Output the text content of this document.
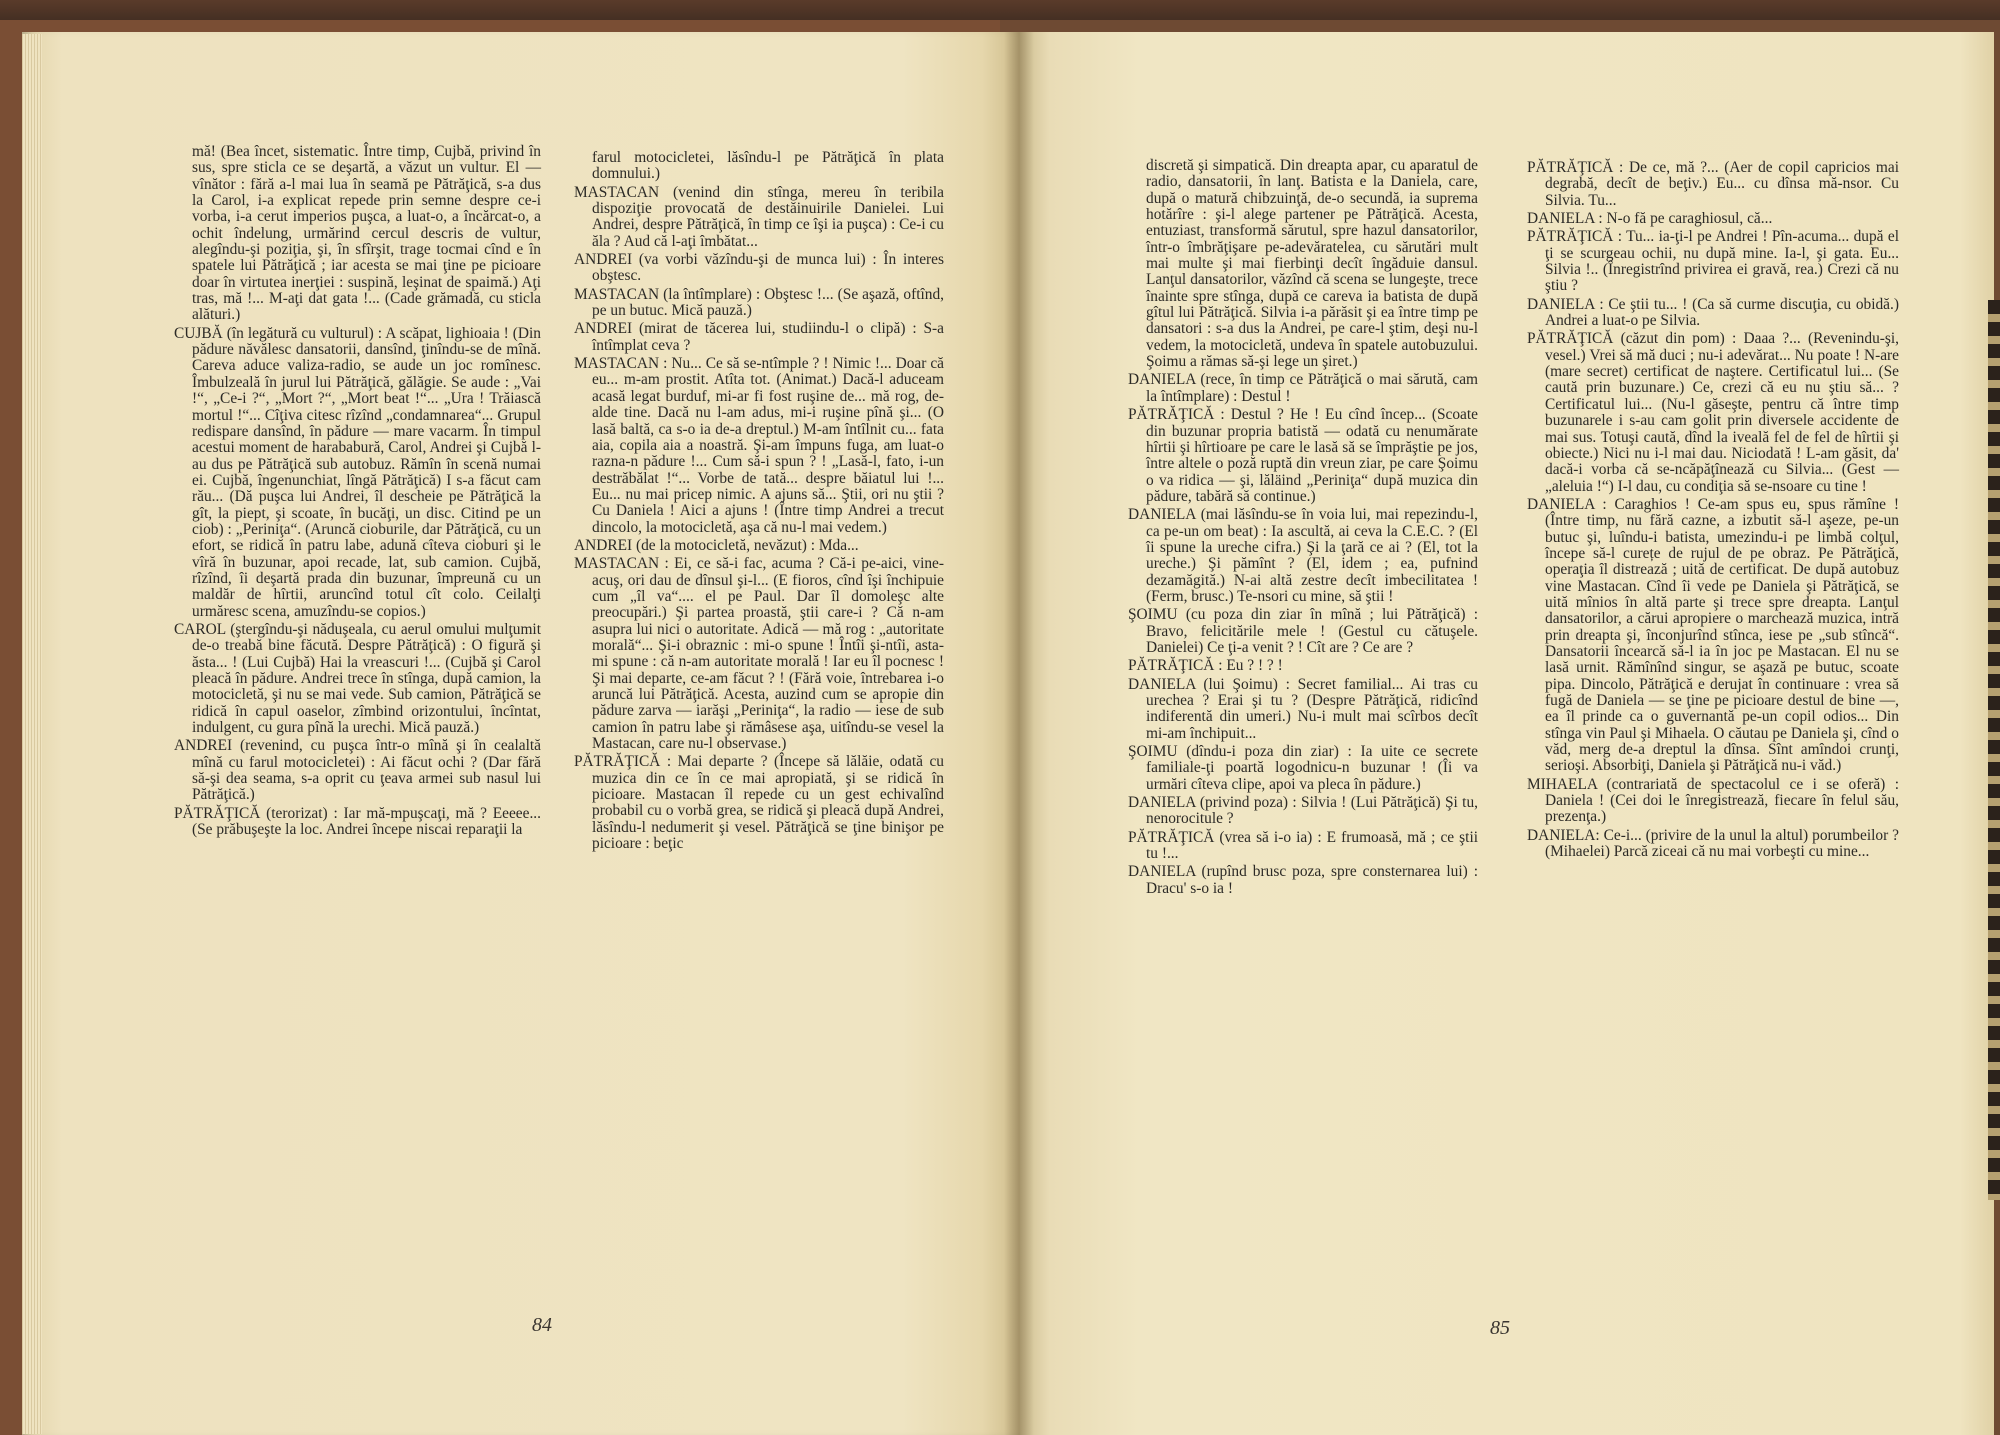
mă! (Bea încet, sistematic. Între timp, Cujbă, privind în sus, spre sticla ce se deşartă, a văzut un vultur. El — vînător : fără a-l mai lua în seamă pe Pătrăţică, s-a dus la Carol, i-a explicat repede prin semne despre ce-i vorba, i-a cerut imperios puşca, a luat-o, a încărcat-o, a ochit îndelung, urmărind cercul descris de vultur, alegîndu-şi poziţia, şi, în sfîrşit, trage tocmai cînd e în spatele lui Pătrăţică ; iar acesta se mai ţine pe picioare doar în virtutea inerţiei : suspină, leşinat de spaimă.) Aţi tras, mă !... M-aţi dat gata !... (Cade grămadă, cu sticla alături.)

CUJBĂ (în legătură cu vulturul) : A scăpat, lighioaia ! (Din pădure năvălesc dansatorii, dansînd, ţinîndu-se de mînă. Careva aduce valiza-radio, se aude un joc romînesc. Îmbulzeală în jurul lui Pătrăţică, gălăgie. Se aude : „Vai !“, „Ce-i ?“, „Mort ?“, „Mort beat !“... „Ura ! Trăiască mortul !“... Cîţiva citesc rîzînd „condamnarea“... Grupul redispare dansînd, în pădure — mare vacarm. În timpul acestui moment de harababură, Carol, Andrei şi Cujbă l-au dus pe Pătrăţică sub autobuz. Rămîn în scenă numai ei. Cujbă, îngenunchiat, lîngă Pătrăţică) I s-a făcut cam rău... (Dă puşca lui Andrei, îl descheie pe Pătrăţică la gît, la piept, şi scoate, în bucăţi, un disc. Citind pe un ciob) : „Periniţa“. (Aruncă cioburile, dar Pătrăţică, cu un efort, se ridică în patru labe, adună cîteva cioburi şi le vîră în buzunar, apoi recade, lat, sub camion. Cujbă, rîzînd, îi deşartă prada din buzunar, împreună cu un maldăr de hîrtii, aruncînd totul cît colo. Ceilalţi urmăresc scena, amuzîndu-se copios.)

CAROL (ştergîndu-şi năduşeala, cu aerul omului mulţumit de-o treabă bine făcută. Despre Pătrăţică) : O figură şi ăsta... ! (Lui Cujbă) Hai la vreascuri !... (Cujbă şi Carol pleacă în pădure. Andrei trece în stînga, după camion, la motocicletă, şi nu se mai vede. Sub camion, Pătrăţică se ridică în capul oaselor, zîmbind orizontului, încîntat, indulgent, cu gura pînă la urechi. Mică pauză.)

ANDREI (revenind, cu puşca într-o mînă şi în cealaltă mînă cu farul motocicletei) : Ai făcut ochi ? (Dar fără să-şi dea seama, s-a oprit cu ţeava armei sub nasul lui Pătrăţică.)

PĂTRĂŢICĂ (terorizat) : Iar mă-mpuşcaţi, mă ? Eeeee... (Se prăbuşeşte la loc. Andrei începe niscai reparaţii la

farul motocicletei, lăsîndu-l pe Pătrăţică în plata domnului.)

MASTACAN (venind din stînga, mereu în teribila dispoziţie provocată de destăinuirile Danielei. Lui Andrei, despre Pătrăţică, în timp ce îşi ia puşca) : Ce-i cu ăla ? Aud că l-aţi îmbătat...

ANDREI (va vorbi văzîndu-şi de munca lui) : În interes obştesc.

MASTACAN (la întîmplare) : Obştesc !... (Se aşază, oftînd, pe un butuc. Mică pauză.)

ANDREI (mirat de tăcerea lui, studiindu-l o clipă) : S-a întîmplat ceva ?

MASTACAN : Nu... Ce să se-ntîmple ? ! Nimic !... Doar că eu... m-am prostit. Atîta tot. (Animat.) Dacă-l aduceam acasă legat burduf, mi-ar fi fost ruşine de... mă rog, de-alde tine. Dacă nu l-am adus, mi-i ruşine pînă şi... (O lasă baltă, ca s-o ia de-a dreptul.) M-am întîlnit cu... fata aia, copila aia a noastră. Şi-am împuns fuga, am luat-o razna-n pădure !... Cum să-i spun ? ! „Lasă-l, fato, i-un destrăbălat !“... Vorbe de tată... despre băiatul lui !... Eu... nu mai pricep nimic. A ajuns să... Ştii, ori nu ştii ? Cu Daniela ! Aici a ajuns ! (Între timp Andrei a trecut dincolo, la motocicletă, aşa că nu-l mai vedem.)

ANDREI (de la motocicletă, nevăzut) : Mda...

MASTACAN : Ei, ce să-i fac, acuma ? Că-i pe-aici, vine-acuş, ori dau de dînsul şi-l... (E fioros, cînd îşi închipuie cum „îl va“.... el pe Paul. Dar îl domoleşc alte preocupări.) Şi partea proastă, ştii care-i ? Că n-am asupra lui nici o autoritate. Adică — mă rog : „autoritate morală“... Şi-i obraznic : mi-o spune ! Întîi şi-ntîi, asta-mi spune : că n-am autoritate morală ! Iar eu îl pocnesc ! Şi mai departe, ce-am făcut ? ! (Fără voie, întrebarea i-o aruncă lui Pătrăţică. Acesta, auzind cum se apropie din pădure zarva — iarăşi „Periniţa“, la radio — iese de sub camion în patru labe şi rămâsese aşa, uitîndu-se vesel la Mastacan, care nu-l observase.)

PĂTRĂŢICĂ : Mai departe ? (Începe să lălăie, odată cu muzica din ce în ce mai apropiată, şi se ridică în picioare. Mastacan îl repede cu un gest echivalînd probabil cu o vorbă grea, se ridică şi pleacă după Andrei, lăsîndu-l nedumerit şi vesel. Pătrăţică se ţine binişor pe picioare : beţic

84

discretă şi simpatică. Din dreapta apar, cu aparatul de radio, dansatorii, în lanţ. Batista e la Daniela, care, după o matură chibzuinţă, de-o secundă, ia suprema hotărîre : şi-l alege partener pe Pătrăţică. Acesta, entuziast, transformă sărutul, spre hazul dansatorilor, într-o îmbrăţişare pe-adevăratelea, cu sărutări mult mai multe şi mai fierbinţi decît îngăduie dansul. Lanţul dansatorilor, văzînd că scena se lungeşte, trece înainte spre stînga, după ce careva ia batista de după gîtul lui Pătrăţică. Silvia i-a părăsit şi ea între timp pe dansatori : s-a dus la Andrei, pe care-l ştim, deşi nu-l vedem, la motocicletă, undeva în spatele autobuzului. Şoimu a rămas să-şi lege un şiret.)

DANIELA (rece, în timp ce Pătrăţică o mai sărută, cam la întîmplare) : Destul !

PĂTRĂŢICĂ : Destul ? He ! Eu cînd încep... (Scoate din buzunar propria batistă — odată cu nenumărate hîrtii şi hîrtioare pe care le lasă să se împrăştie pe jos, între altele o poză ruptă din vreun ziar, pe care Şoimu o va ridica — şi, lăläind „Periniţa“ după muzica din pădure, tabără să continue.)

DANIELA (mai lăsîndu-se în voia lui, mai repezindu-l, ca pe-un om beat) : Ia ascultă, ai ceva la C.E.C. ? (El îi spune la ureche cifra.) Şi la ţară ce ai ? (El, tot la ureche.) Şi pămînt ? (El, idem ; ea, pufnind dezamăgită.) N-ai altă zestre decît imbecilitatea ! (Ferm, brusc.) Te-nsori cu mine, să ştii !

ŞOIMU (cu poza din ziar în mînă ; lui Pătrăţică) : Bravo, felicitările mele ! (Gestul cu cătuşele. Danielei) Ce ţi-a venit ? ! Cît are ? Ce are ?

PĂTRĂŢICĂ : Eu ? ! ? !

DANIELA (lui Şoimu) : Secret familial... Ai tras cu urechea ? Erai şi tu ? (Despre Pătrăţică, ridicînd indiferentă din umeri.) Nu-i mult mai scîrbos decît mi-am închipuit...

ŞOIMU (dîndu-i poza din ziar) : Ia uite ce secrete familiale-ţi poartă logodnicu-n buzunar ! (Îi va urmări cîteva clipe, apoi va pleca în pădure.)

DANIELA (privind poza) : Silvia ! (Lui Pătrăţică) Şi tu, nenorocitule ?

PĂTRĂŢICĂ (vrea să i-o ia) : E frumoasă, mă ; ce ştii tu !...

DANIELA (rupînd brusc poza, spre consternarea lui) : Dracu' s-o ia !

PĂTRĂŢICĂ : De ce, mă ?... (Aer de copil capricios mai degrabă, decît de beţiv.) Eu... cu dînsa mă-nsor. Cu Silvia. Tu...

DANIELA : N-o fă pe caraghiosul, că...

PĂTRĂŢICĂ : Tu... ia-ţi-l pe Andrei ! Pîn-acuma... după el ţi se scurgeau ochii, nu după mine. Ia-l, şi gata. Eu... Silvia !.. (Înregistrînd privirea ei gravă, rea.) Crezi că nu ştiu ?

DANIELA : Ce ştii tu... ! (Ca să curme discuţia, cu obidă.) Andrei a luat-o pe Silvia.

PĂTRĂŢICĂ (căzut din pom) : Daaa ?... (Revenindu-şi, vesel.) Vrei să mă duci ; nu-i adevărat... Nu poate ! N-are (mare secret) certificat de naştere. Certificatul lui... (Se caută prin buzunare.) Ce, crezi că eu nu ştiu să... ? Certificatul lui... (Nu-l găseşte, pentru că între timp buzunarele i s-au cam golit prin diversele accidente de mai sus. Totuşi caută, dînd la iveală fel de fel de hîrtii şi obiecte.) Nici nu i-l mai dau. Niciodată ! L-am găsit, da' dacă-i vorba că se-ncăpăţînează cu Silvia... (Gest — „aleluia !“) I-l dau, cu condiţia să se-nsoare cu tine !

DANIELA : Caraghios ! Ce-am spus eu, spus rămîne ! (Între timp, nu fără cazne, a izbutit să-l aşeze, pe-un butuc şi, luîndu-i batista, umezindu-i pe limbă colţul, începe să-l curețe de rujul de pe obraz. Pe Pătrăţică, operaţia îl distrează ; uită de certificat. De după autobuz vine Mastacan. Cînd îi vede pe Daniela şi Pătrăţică, se uită mînios în altă parte şi trece spre dreapta. Lanţul dansatorilor, a cărui apropiere o marchează muzica, intră prin dreapta şi, înconjurînd stînca, iese pe „sub stîncă“. Dansatorii încearcă să-l ia în joc pe Mastacan. El nu se lasă urnit. Rămînînd singur, se aşază pe butuc, scoate pipa. Dincolo, Pătrăţică e derujat în continuare : vrea să fugă de Daniela — se ţine pe picioare destul de bine —, ea îl prinde ca o guvernantă pe-un copil odios... Din stînga vin Paul şi Mihaela. O căutau pe Daniela şi, cînd o văd, merg de-a dreptul la dînsa. Sînt amîndoi crunţi, serioşi. Absorbiţi, Daniela şi Pătrăţică nu-i văd.)

MIHAELA (contrariată de spectacolul ce i se oferă) : Daniela ! (Cei doi le înregistrează, fiecare în felul său, prezenţa.)

DANIELA: Ce-i... (privire de la unul la altul) porumbeilor ? (Mihaelei) Parcă ziceai că nu mai vorbeşti cu mine...

85
